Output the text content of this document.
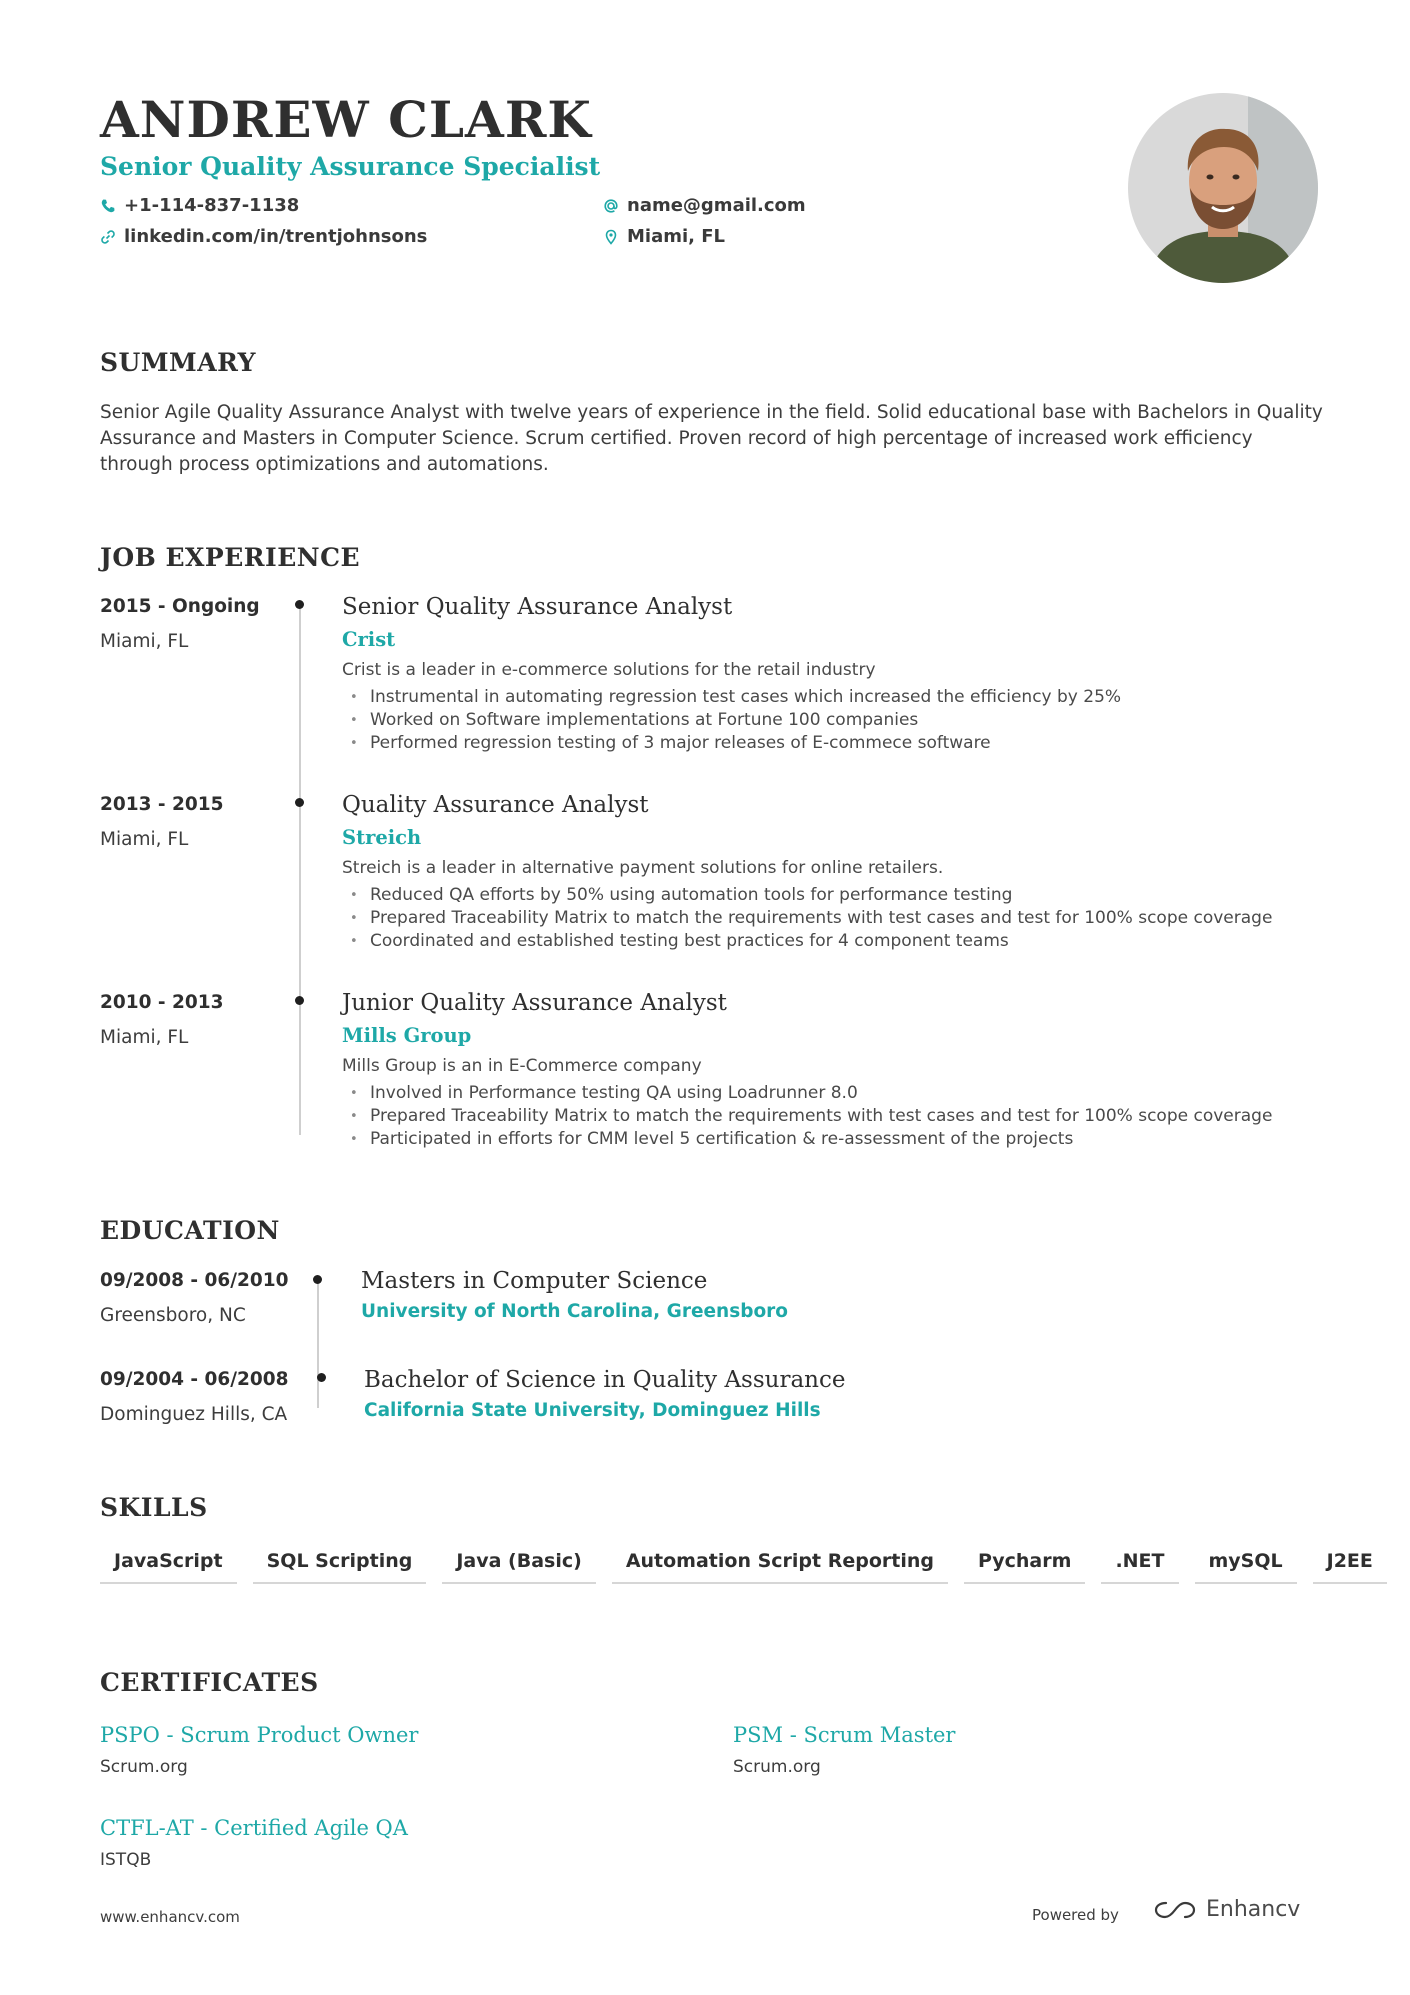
ANDREW CLARK
Senior Quality Assurance Specialist
+1-114-837-1138	name@gmail.com
linkedin.com/in/trentjohnsons	Miami, FL
SUMMARY

Senior Agile Quality Assurance Analyst with twelve years of experience in the field. Solid educational base with Bachelors in Quality Assurance and Masters in Computer Science. Scrum certified. Proven record of high percentage of increased work efficiency through process optimizations and automations.

JOB EXPERIENCE
2015 - Ongoing
Miami, FL
Senior Quality Assurance Analyst
Crist
Crist is a leader in e-commerce solutions for the retail industry
• Instrumental in automating regression test cases which increased the efficiency by 25%
• Worked on Software implementations at Fortune 100 companies
• Performed regression testing of 3 major releases of E-commece software
2013 - 2015
Miami, FL
Quality Assurance Analyst
Streich
Streich is a leader in alternative payment solutions for online retailers.
• Reduced QA efforts by 50% using automation tools for performance testing
• Prepared Traceability Matrix to match the requirements with test cases and test for 100% scope coverage
• Coordinated and established testing best practices for 4 component teams
2010 - 2013
Miami, FL
Junior Quality Assurance Analyst
Mills Group
Mills Group is an in E-Commerce company
• Involved in Performance testing QA using Loadrunner 8.0
• Prepared Traceability Matrix to match the requirements with test cases and test for 100% scope coverage
• Participated in efforts for CMM level 5 certification & re-assessment of the projects
EDUCATION
09/2008 - 06/2010
Greensboro, NC
Masters in Computer Science
University of North Carolina, Greensboro
09/2004 - 06/2008
Dominguez Hills, CA
Bachelor of Science in Quality Assurance
California State University, Dominguez Hills
SKILLS
JavaScript	SQL Scripting	Java (Basic)	Automation Script Reporting	Pycharm	.NET	mySQL	J2EE
CERTIFICATES
PSPO - Scrum Product Owner
Scrum.org
PSM - Scrum Master
Scrum.org
CTFL-AT - Certified Agile QA
ISTQB
www.enhancv.com	Powered by	Enhancv
